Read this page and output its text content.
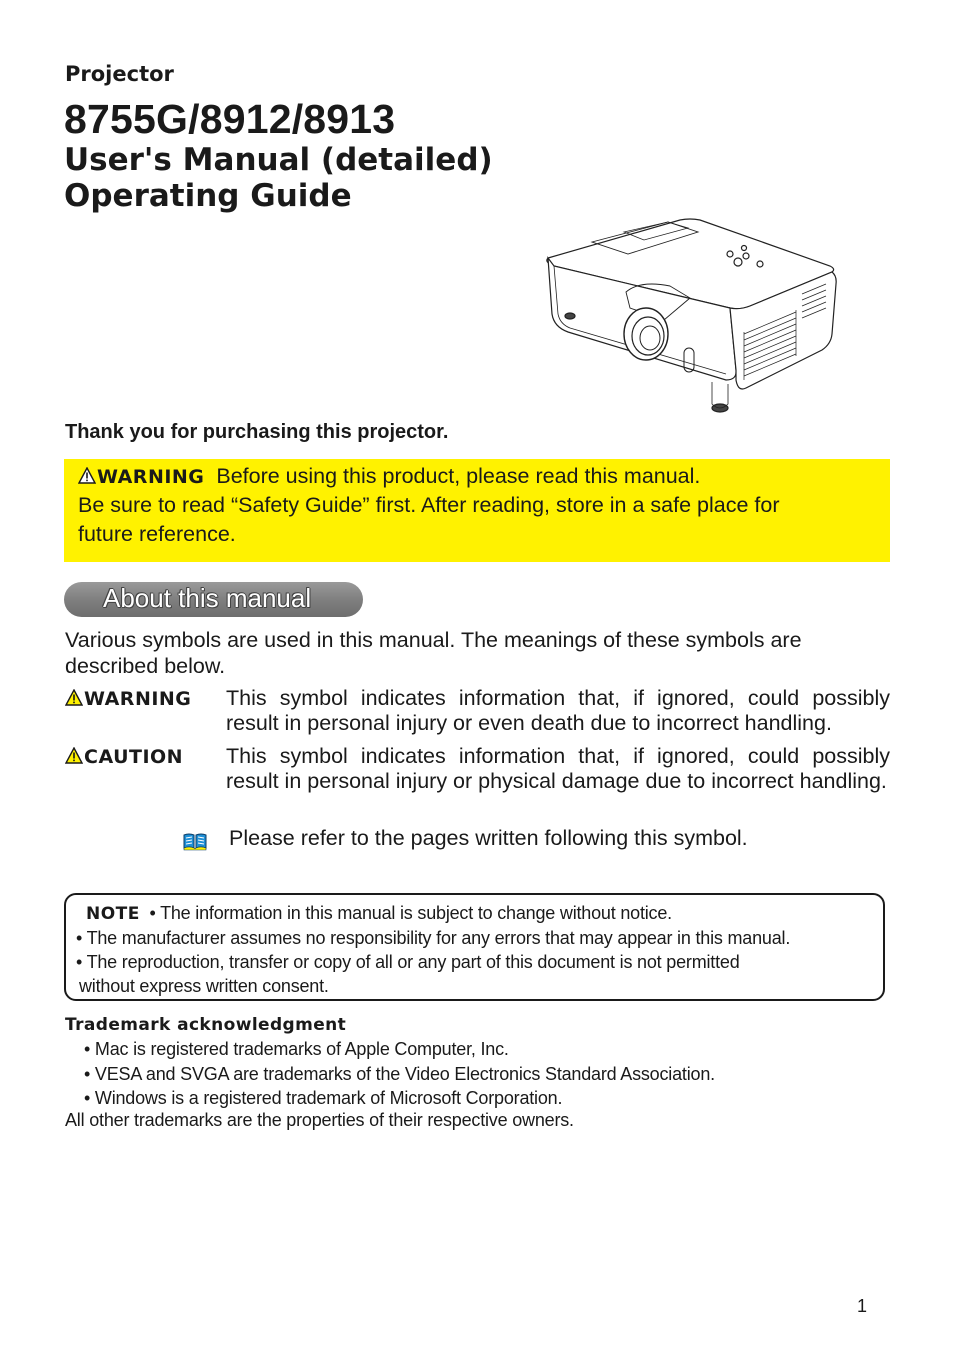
Projector
8755G/8912/8913
User's Manual (detailed)
Operating Guide
Thank you for purchasing this projector.
WARNING Before using this product, please read this manual.
Be sure to read “Safety Guide” first. After reading, store in a safe place for
future reference.
About this manual
Various symbols are used in this manual. The meanings of these symbols are described below.
WARNING This symbol indicates information that, if ignored, could possibly result in personal injury or even death due to incorrect handling.
CAUTION This symbol indicates information that, if ignored, could possibly result in personal injury or physical damage due to incorrect handling.
Please refer to the pages written following this symbol.
NOTE • The information in this manual is subject to change without notice.
• The manufacturer assumes no responsibility for any errors that may appear in this manual.
• The reproduction, transfer or copy of all or any part of this document is not permitted
without express written consent.
Trademark acknowledgment
• Mac is registered trademarks of Apple Computer, Inc.
• VESA and SVGA are trademarks of the Video Electronics Standard Association.
• Windows is a registered trademark of Microsoft Corporation.
All other trademarks are the properties of their respective owners.
1
